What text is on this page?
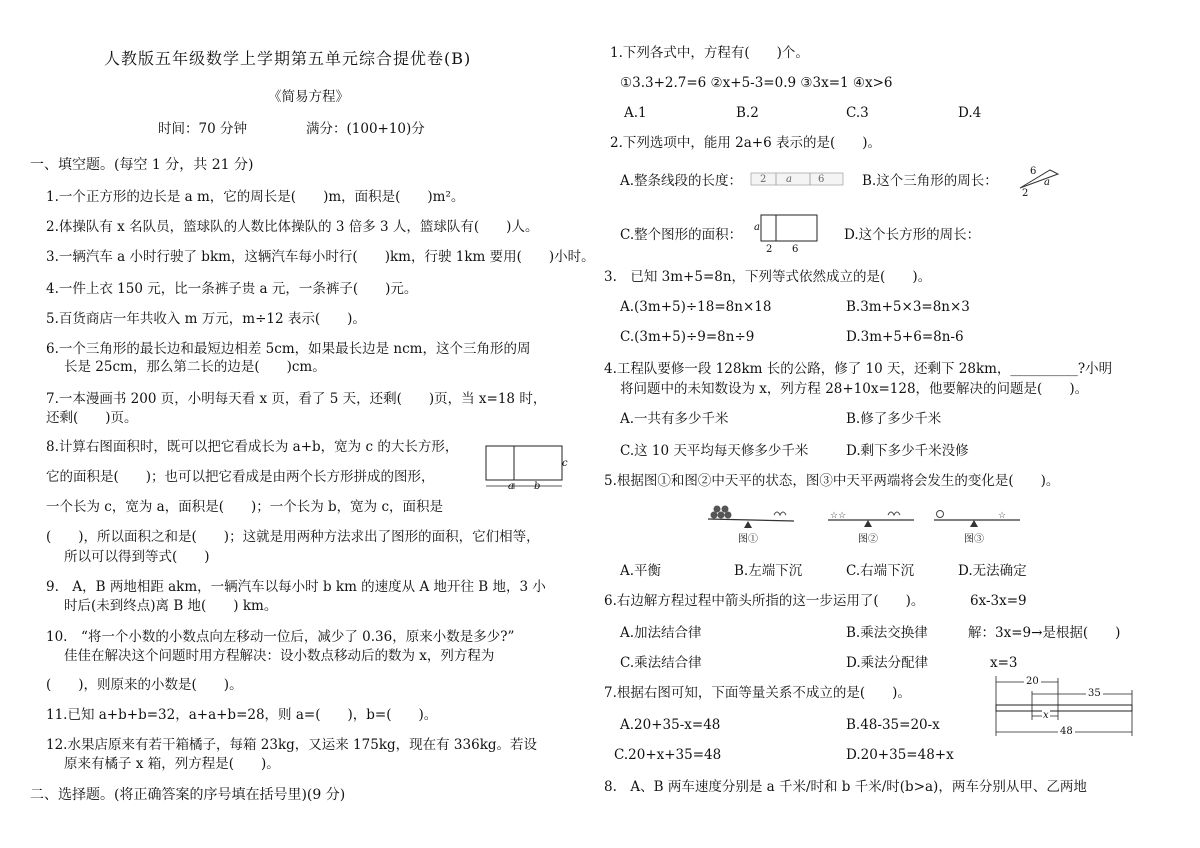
人教版五年级数学上学期第五单元综合提优卷(B)
《简易方程》
时间：70 分钟	满分：(100+10)分
一、填空题。(每空 1 分，共 21 分)
1.一个正方形的边长是 a m，它的周长是(　　)m，面积是(　　)m²。
2.体操队有 x 名队员，篮球队的人数比体操队的 3 倍多 3 人，篮球队有(　　)人。
3.一辆汽车 a 小时行驶了 bkm，这辆汽车每小时行(　　)km，行驶 1km 要用(　　)小时。
4.一件上衣 150 元，比一条裤子贵 a 元，一条裤子(　　)元。
5.百货商店一年共收入 m 万元，m÷12 表示(　　)。
6.一个三角形的最长边和最短边相差 5cm，如果最长边是 ncm，这个三角形的周
长是 25cm，那么第二长的边是(　　)cm。
7.一本漫画书 200 页，小明每天看 x 页，看了 5 天，还剩(　　)页，当 x=18 时，
还剩(　　)页。
8.计算右图面积时，既可以把它看成长为 a+b，宽为 c 的大长方形，
它的面积是(　　)；也可以把它看成是由两个长方形拼成的图形，
一个长为 c，宽为 a，面积是(　　)；一个长为 b，宽为 c，面积是
(　　)，所以面积之和是(　　)；这就是用两种方法求出了图形的面积，它们相等，
所以可以得到等式(　　)
a b
c
9.　A，B 两地相距 akm，一辆汽车以每小时 b km 的速度从 A 地开往 B 地，3 小
时后(未到终点)离 B 地(　　) km。
10.　“将一个小数的小数点向左移动一位后，减少了 0.36，原来小数是多少?”
佳佳在解决这个问题时用方程解决：设小数点移动后的数为 x，列方程为
(　　)，则原来的小数是(　　)。
11.已知 a+b+b=32，a+a+b=28，则 a=(　　)，b=(　　)。
12.水果店原来有若干箱橘子，每箱 23kg，又运来 175kg，现在有 336kg。若设
原来有橘子 x 箱，列方程是(　　)。
二、选择题。(将正确答案的序号填在括号里)(9 分)
1.下列各式中，方程有(　　)个。
①3.3+2.7=6 ②x+5-3=0.9 ③3x=1 ④x>6
A.1	B.2	C.3	D.4
2.下列选项中，能用 2a+6 表示的是(　　)。
A.整条线段的长度： 2 a	6	B.这个三角形的周长：
6
a
2
C.整个图形的面积： a
2 6
D.这个长方形的周长：
3.　已知 3m+5=8n，下列等式依然成立的是(　　)。
A.(3m+5)÷18=8n×18	B.3m+5×3=8n×3
C.(3m+5)÷9=8n÷9	D.3m+5+6=8n-6
4.工程队要修一段 128km 长的公路，修了 10 天，还剩下 28km，__________?小明
将问题中的未知数设为 x，列方程 28+10x=128，他要解决的问题是(　　)。
A.一共有多少千米	B.修了多少千米
C.这 10 天平均每天修多少千米	D.剩下多少千米没修
5.根据图①和图②中天平的状态，图③中天平两端将会发生的变化是(　　)。
图①
☆☆
图②
☆
图③
A.平衡	B.左端下沉	C.右端下沉	D.无法确定
6.右边解方程过程中箭头所指的这一步运用了(　　)。	6x-3x=9
A.加法结合律	B.乘法交换律	解：3x=9→是根据(　　)
C.乘法结合律	D.乘法分配律	x=3
7.根据右图可知，下面等量关系不成立的是(　　)。
20
35
x
48
A.20+35-x=48	B.48-35=20-x
C.20+x+35=48	D.20+35=48+x
8.　A、B 两车速度分别是 a 千米/时和 b 千米/时(b>a)，两车分别从甲、乙两地
